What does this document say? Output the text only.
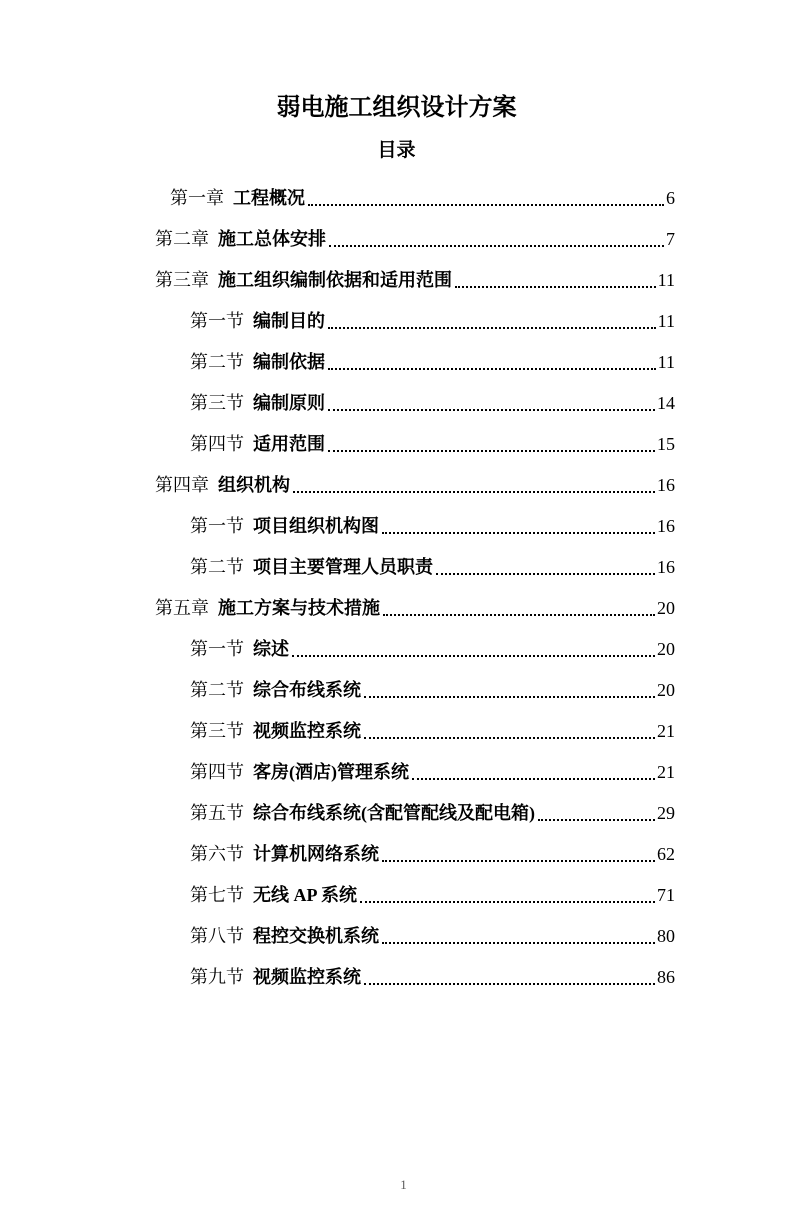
弱电施工组织设计方案
目录
第一章 工程概况	6
第二章 施工总体安排	7
第三章 施工组织编制依据和适用范围	11
第一节 编制目的	11
第二节 编制依据	11
第三节 编制原则	14
第四节 适用范围	15
第四章 组织机构	16
第一节 项目组织机构图	16
第二节 项目主要管理人员职责	16
第五章 施工方案与技术措施	20
第一节 综述	20
第二节 综合布线系统	20
第三节 视频监控系统	21
第四节 客房(酒店)管理系统	21
第五节 综合布线系统(含配管配线及配电箱)	29
第六节 计算机网络系统	62
第七节 无线 AP 系统	71
第八节 程控交换机系统	80
第九节 视频监控系统	86
1
